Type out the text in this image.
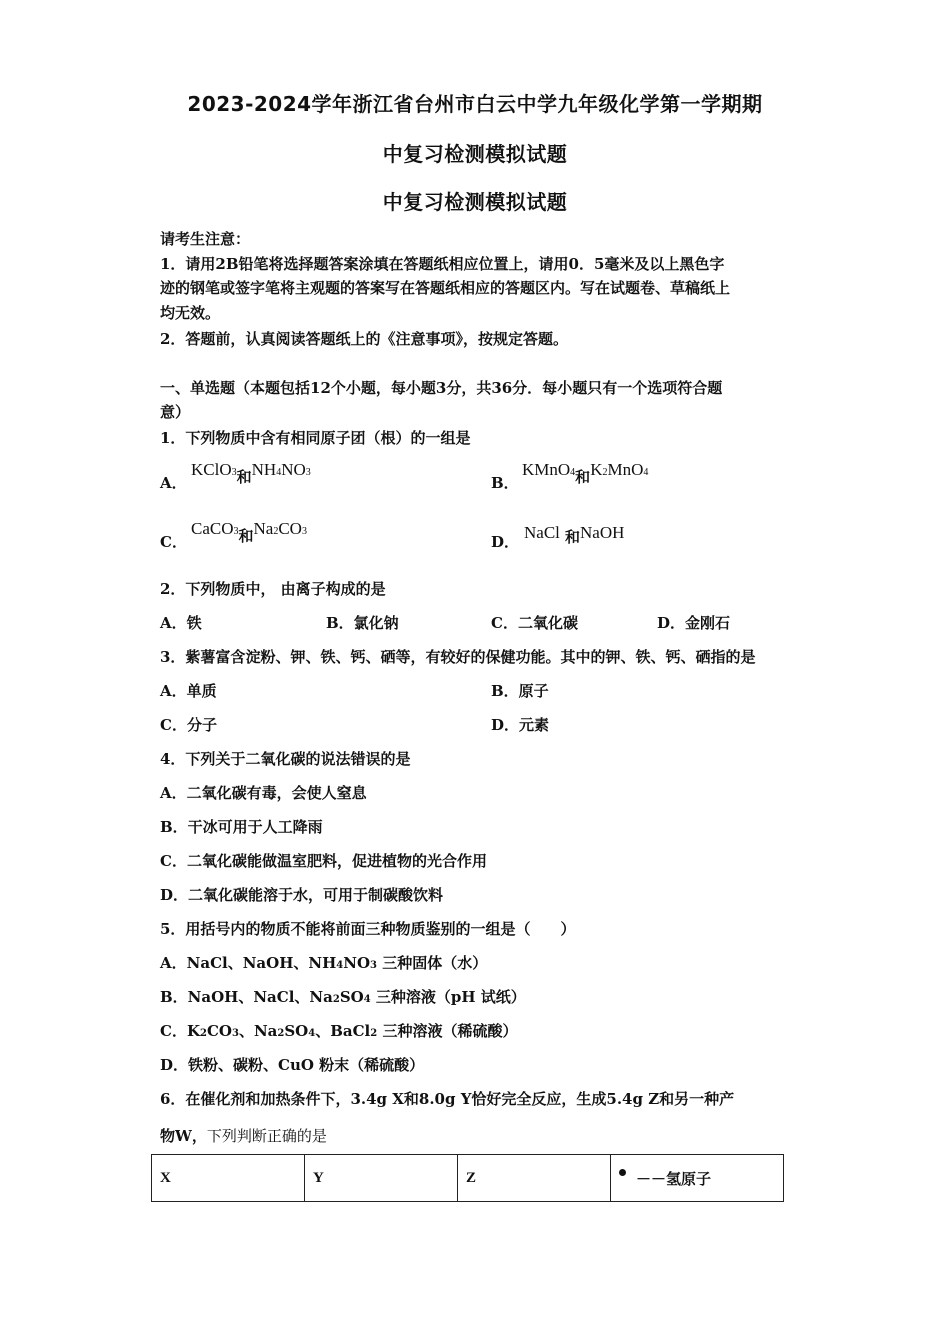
2023-2024学年浙江省台州市白云中学九年级化学第一学期期
中复习检测模拟试题
中复习检测模拟试题
请考生注意：
1．请用2B铅笔将选择题答案涂填在答题纸相应位置上，请用0．5毫米及以上黑色字
迹的钢笔或签字笔将主观题的答案写在答题纸相应的答题区内。写在试题卷、草稿纸上
均无效。
2．答题前，认真阅读答题纸上的《注意事项》，按规定答题。
一、单选题（本题包括12个小题，每小题3分，共36分．每小题只有一个选项符合题
意）
1．下列物质中含有相同原子团（根）的一组是
A．
KClO3和NH4NO3
B．
KMnO4和K2MnO4
C．
CaCO3和Na2CO3
D． NaCl 和NaOH
2．下列物质中， 由离子构成的是
A．铁	B．氯化钠	C．二氧化碳	D．金刚石
3．紫薯富含淀粉、钾、铁、钙、硒等，有较好的保健功能。其中的钾、铁、钙、硒指的是
A．单质	B．原子
C．分子	D．元素
4．下列关于二氧化碳的说法错误的是
A．二氧化碳有毒，会使人窒息
B．干冰可用于人工降雨
C．二氧化碳能做温室肥料，促进植物的光合作用
D．二氧化碳能溶于水，可用于制碳酸饮料
5．用括号内的物质不能将前面三种物质鉴别的一组是（　　）
A．NaCl、NaOH、NH4NO3 三种固体（水）
B．NaOH、NaCl、Na2SO4 三种溶液（pH 试纸）
C．K2CO3、Na2SO4、BaCl2 三种溶液（稀硫酸）
D．铁粉、碳粉、CuO 粉末（稀硫酸）
6．在催化剂和加热条件下，3.4g X和8.0g Y恰好完全反应，生成5.4g Z和另一种产
物W，下列判断正确的是
X	Y	Z	－－氢原子
